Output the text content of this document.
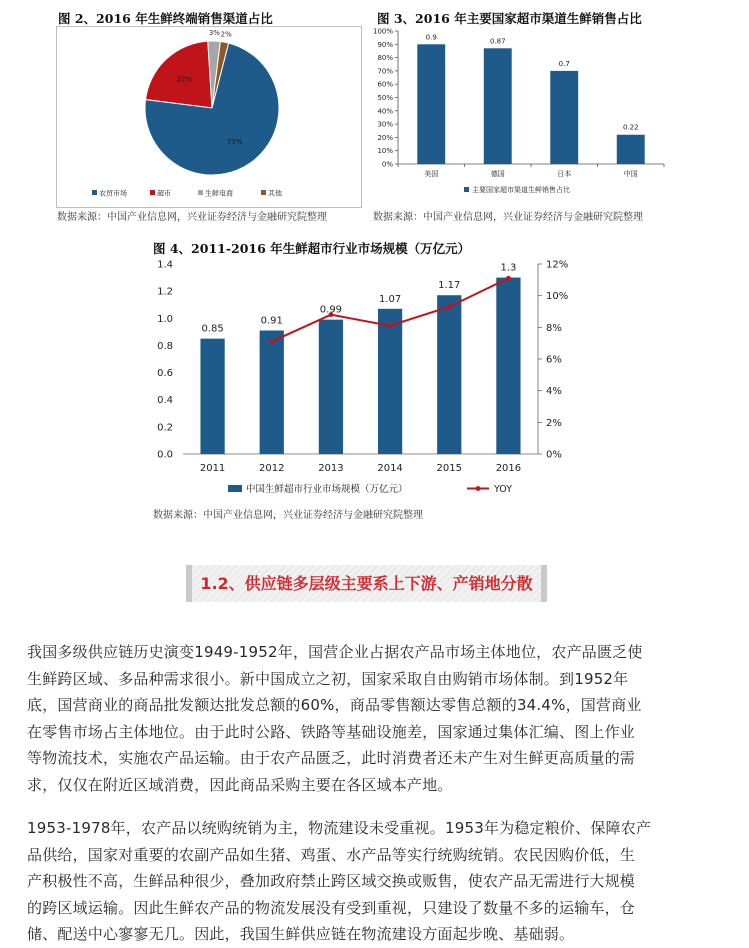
图 2、2016 年生鲜终端销售渠道占比
22%
3% 2%
73%
农贸市场	超市	生鲜电商	其他
图 3、2016 年主要国家超市渠道生鲜销售占比
0%
10%
20%
30%
40%
50%
60%
70%
80%
90%
100%
0.9
美国
0.87
德国
0.7
日本
0.22
中国
主要国家超市渠道生鲜销售占比
数据来源：中国产业信息网，兴业证券经济与金融研究院整理	数据来源：中国产业信息网，兴业证券经济与金融研究院整理
图 4、2011-2016 年生鲜超市行业市场规模（万亿元）
0.0
0.2
0.4
0.6
0.8
1.0
1.2
1.4
0%
2%
4%
6%
8%
10%
12%
0.85
2011
0.91
2012
0.99
2013
1.07
2014
1.17
2015
1.3
2016
中国生鲜超市行业市场规模（万亿元）	YOY
数据来源：中国产业信息网，兴业证券经济与金融研究院整理
1.2、供应链多层级主要系上下游、产销地分散
我国多级供应链历史演变1949-1952年，国营企业占据农产品市场主体地位，农产品匮乏使
生鲜跨区域、多品种需求很小。新中国成立之初，国家采取自由购销市场体制。到1952年
底，国营商业的商品批发额达批发总额的60%，商品零售额达零售总额的34.4%，国营商业
在零售市场占主体地位。由于此时公路、铁路等基础设施差，国家通过集体汇编、图上作业
等物流技术，实施农产品运输。由于农产品匮乏，此时消费者还未产生对生鲜更高质量的需
求，仅仅在附近区域消费，因此商品采购主要在各区域本产地。
1953-1978年，农产品以统购统销为主，物流建设未受重视。1953年为稳定粮价、保障农产
品供给，国家对重要的农副产品如生猪、鸡蛋、水产品等实行统购统销。农民因购价低，生
产积极性不高，生鲜品种很少，叠加政府禁止跨区域交换或贩售，使农产品无需进行大规模
的跨区域运输。因此生鲜农产品的物流发展没有受到重视，只建设了数量不多的运输车，仓
储、配送中心寥寥无几。因此，我国生鲜供应链在物流建设方面起步晚、基础弱。
